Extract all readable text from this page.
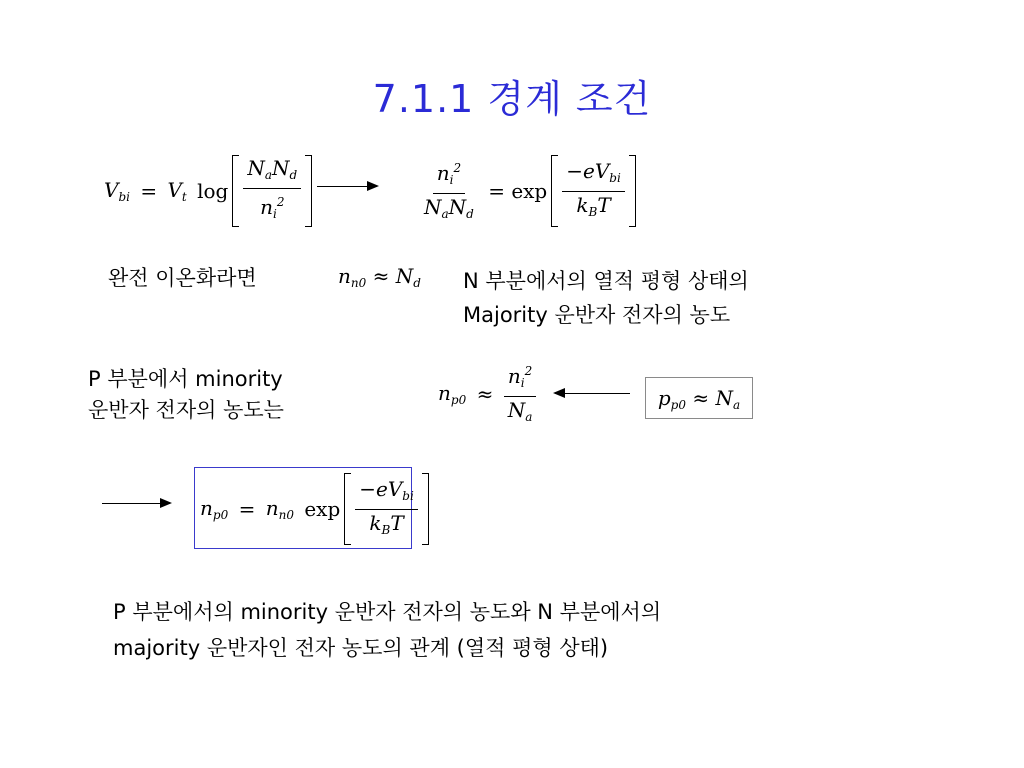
7.1.1 경계 조건
$V_{bi} = V_t$ $\log \frac{N_aN_d}{n_i^2}$	$\frac{n_i^2}{N_aN_d} = \exp \frac{-eV_{bi}}{k_BT}$
완전 이온화라면	$n_{n0} \approx N_d$ N 부분에서의 열적 평형 상태의
Majority 운반자 전자의 농도
P 부분에서 minority
운반자 전자의 농도는
$n_{p0} \approx \frac{n_i^2}{N_a}$	$p_{p0} \approx N_a$
$n_{p0} = n_{n0}$ $\exp \frac{-eV_{bi}}{k_BT}$
P 부분에서의 minority 운반자 전자의 농도와 N 부분에서의
majority 운반자인 전자 농도의 관계 (열적 평형 상태)
